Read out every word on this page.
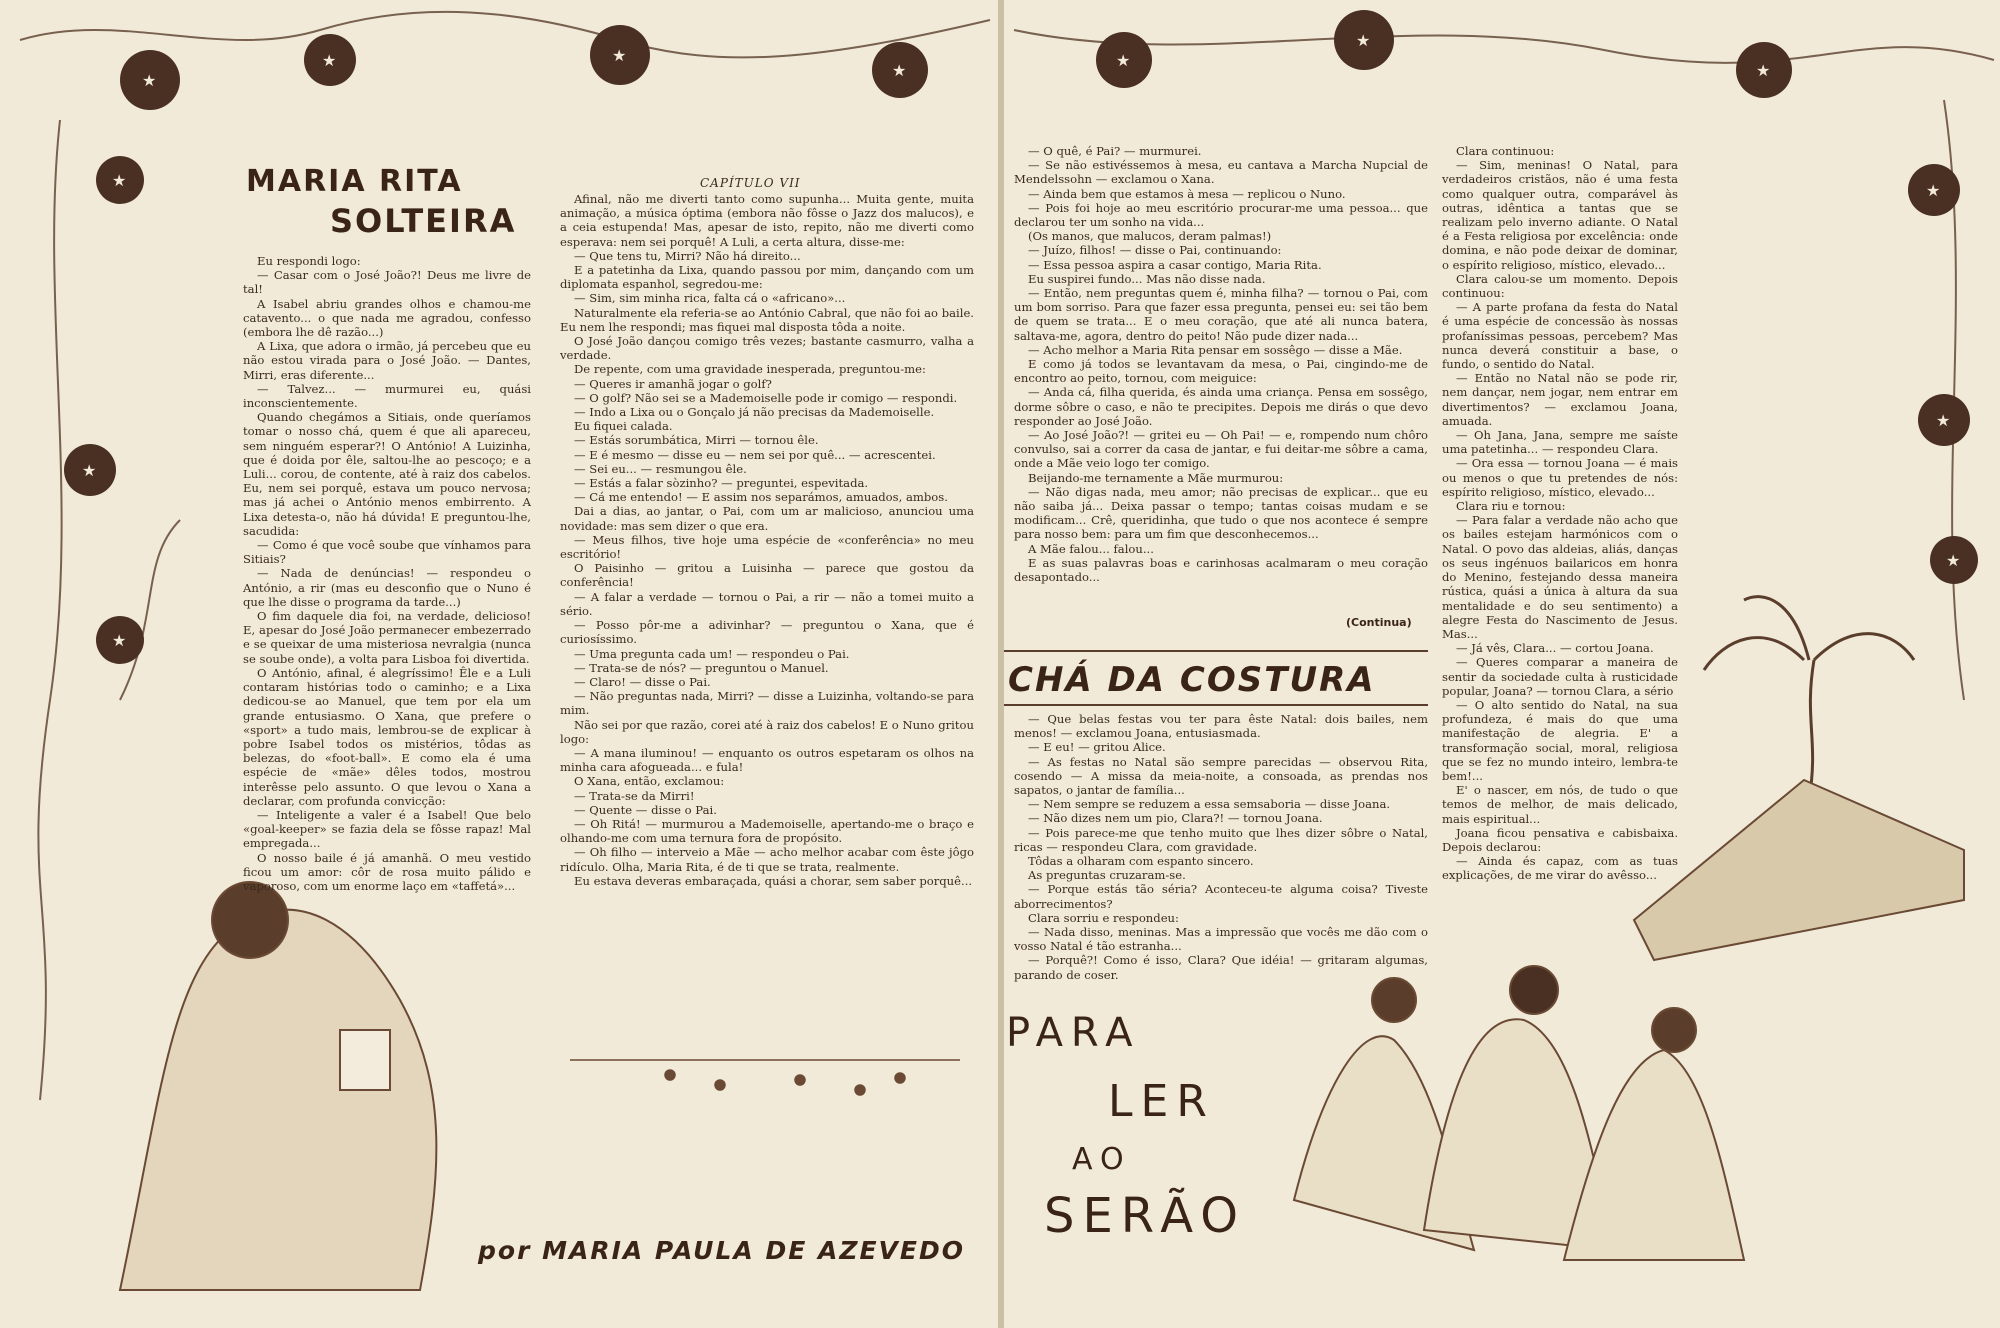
★
★	★
★
★
★
★
MARIA RITA
SOLTEIRA

Eu respondi logo:

— Casar com o José João?! Deus me livre de tal!

A Isabel abriu grandes olhos e chamou-me catavento... o que nada me agradou, confesso (embora lhe dê razão...)

A Lixa, que adora o irmão, já percebeu que eu não estou virada para o José João. — Dantes, Mirri, eras diferente...

— Talvez... — murmurei eu, quási inconscientemente.

Quando chegámos a Sitiais, onde queríamos tomar o nosso chá, quem é que ali apareceu, sem ninguém esperar?! O António! A Luizinha, que é doida por êle, saltou-lhe ao pescoço; e a Luli... corou, de contente, até à raiz dos cabelos. Eu, nem sei porquê, estava um pouco nervosa; mas já achei o António menos embirrento. A Lixa detesta-o, não há dúvida! E preguntou-lhe, sacudida:

— Como é que você soube que vínhamos para Sitiais?

— Nada de denúncias! — respondeu o António, a rir (mas eu desconfio que o Nuno é que lhe disse o programa da tarde...)

O fim daquele dia foi, na verdade, delicioso! E, apesar do José João permanecer embezerrado e se queixar de uma misteriosa nevralgia (nunca se soube onde), a volta para Lisboa foi divertida.

O António, afinal, é alegríssimo! Êle e a Luli contaram histórias todo o caminho; e a Lixa dedicou-se ao Manuel, que tem por ela um grande entusiasmo. O Xana, que prefere o «sport» a tudo mais, lembrou-se de explicar à pobre Isabel todos os mistérios, tôdas as belezas, do «foot-ball». E como ela é uma espécie de «mãe» dêles todos, mostrou interêsse pelo assunto. O que levou o Xana a declarar, com profunda convicção:

— Inteligente a valer é a Isabel! Que belo «goal-keeper» se fazia dela se fôsse rapaz! Mal empregada...

O nosso baile é já amanhã. O meu vestido ficou um amor: côr de rosa muito pálido e vaporoso, com um enorme laço em «taffetá»...

CAPÍTULO VII

Afinal, não me diverti tanto como supunha... Muita gente, muita animação, a música óptima (embora não fôsse o Jazz dos malucos), e a ceia estupenda! Mas, apesar de isto, repito, não me diverti como esperava: nem sei porquê! A Luli, a certa altura, disse-me:

— Que tens tu, Mirri? Não há direito...

E a patetinha da Lixa, quando passou por mim, dançando com um diplomata espanhol, segredou-me:

— Sim, sim minha rica, falta cá o «africano»...

Naturalmente ela referia-se ao António Cabral, que não foi ao baile. Eu nem lhe respondi; mas fiquei mal disposta tôda a noite.

O José João dançou comigo três vezes; bastante casmurro, valha a verdade.

De repente, com uma gravidade inesperada, preguntou-me:

— Queres ir amanhã jogar o golf?

— O golf? Não sei se a Mademoiselle pode ir comigo — respondi.

— Indo a Lixa ou o Gonçalo já não precisas da Mademoiselle.

Eu fiquei calada.

— Estás sorumbática, Mirri — tornou êle.

— E é mesmo — disse eu — nem sei por quê... — acrescentei.

— Sei eu... — resmungou êle.

— Estás a falar sòzinho? — preguntei, espevitada.

— Cá me entendo! — E assim nos separámos, amuados, ambos.

Dai a dias, ao jantar, o Pai, com um ar malicioso, anunciou uma novidade: mas sem dizer o que era.

— Meus filhos, tive hoje uma espécie de «conferência» no meu escritório!

O Paisinho — gritou a Luisinha — parece que gostou da conferência!

— A falar a verdade — tornou o Pai, a rir — não a tomei muito a sério.

— Posso pôr-me a adivinhar? — preguntou o Xana, que é curiosíssimo.

— Uma pregunta cada um! — respondeu o Pai.

— Trata-se de nós? — preguntou o Manuel.

— Claro! — disse o Pai.

— Não preguntas nada, Mirri? — disse a Luizinha, voltando-se para mim.

Não sei por que razão, corei até à raiz dos cabelos! E o Nuno gritou logo:

— A mana iluminou! — enquanto os outros espetaram os olhos na minha cara afogueada... e fula!

O Xana, então, exclamou:

— Trata-se da Mirri!

— Quente — disse o Pai.

— Oh Ritá! — murmurou a Mademoiselle, apertando-me o braço e olhando-me com uma ternura fora de propósito.

— Oh filho — interveio a Mãe — acho melhor acabar com êste jôgo ridículo. Olha, Maria Rita, é de ti que se trata, realmente.

Eu estava deveras embaraçada, quási a chorar, sem saber porquê...

por MARIA PAULA DE AZEVEDO
★
★
★
★
★
★

— O quê, é Pai? — murmurei.

— Se não estivéssemos à mesa, eu cantava a Marcha Nupcial de Mendelssohn — exclamou o Xana.

— Ainda bem que estamos à mesa — replicou o Nuno.

— Pois foi hoje ao meu escritório procurar-me uma pessoa... que declarou ter um sonho na vida...

(Os manos, que malucos, deram palmas!)

— Juízo, filhos! — disse o Pai, continuando:

— Essa pessoa aspira a casar contigo, Maria Rita.

Eu suspirei fundo... Mas não disse nada.

— Então, nem preguntas quem é, minha filha? — tornou o Pai, com um bom sorriso. Para que fazer essa pregunta, pensei eu: sei tão bem de quem se trata... E o meu coração, que até ali nunca batera, saltava-me, agora, dentro do peito! Não pude dizer nada...

— Acho melhor a Maria Rita pensar em sossêgo — disse a Mãe.

E como já todos se levantavam da mesa, o Pai, cingindo-me de encontro ao peito, tornou, com meiguice:

— Anda cá, filha querida, és ainda uma criança. Pensa em sossêgo, dorme sôbre o caso, e não te precipites. Depois me dirás o que devo responder ao José João.

— Ao José João?! — gritei eu — Oh Pai! — e, rompendo num chôro convulso, sai a correr da casa de jantar, e fui deitar-me sôbre a cama, onde a Mãe veio logo ter comigo.

Beijando-me ternamente a Mãe murmurou:

— Não digas nada, meu amor; não precisas de explicar... que eu não saiba já... Deixa passar o tempo; tantas coisas mudam e se modificam... Crê, queridinha, que tudo o que nos acontece é sempre para nosso bem: para um fim que desconhecemos...

A Mãe falou... falou...

E as suas palavras boas e carinhosas acalmaram o meu coração desapontado...

(Continua)
CHÁ DA COSTURA

— Que belas festas vou ter para êste Natal: dois bailes, nem menos! — exclamou Joana, entusiasmada.

— E eu! — gritou Alice.

— As festas no Natal são sempre parecidas — observou Rita, cosendo — A missa da meia-noite, a consoada, as prendas nos sapatos, o jantar de família...

— Nem sempre se reduzem a essa semsaboria — disse Joana.

— Não dizes nem um pio, Clara?! — tornou Joana.

— Pois parece-me que tenho muito que lhes dizer sôbre o Natal, ricas — respondeu Clara, com gravidade.

Tôdas a olharam com espanto sincero.

As preguntas cruzaram-se.

— Porque estás tão séria? Aconteceu-te alguma coisa? Tiveste aborrecimentos?

Clara sorriu e respondeu:

— Nada disso, meninas. Mas a impressão que vocês me dão com o vosso Natal é tão estranha...

— Porquê?! Como é isso, Clara? Que idéia! — gritaram algumas, parando de coser.

Clara continuou:

— Sim, meninas! O Natal, para verdadeiros cristãos, não é uma festa como qualquer outra, comparável às outras, idêntica a tantas que se realizam pelo inverno adiante. O Natal é a Festa religiosa por excelência: onde domina, e não pode deixar de dominar, o espírito religioso, místico, elevado...

Clara calou-se um momento. Depois continuou:

— A parte profana da festa do Natal é uma espécie de concessão às nossas profaníssimas pessoas, percebem? Mas nunca deverá constituir a base, o fundo, o sentido do Natal.

— Então no Natal não se pode rir, nem dançar, nem jogar, nem entrar em divertimentos? — exclamou Joana, amuada.

— Oh Jana, Jana, sempre me saíste uma patetinha... — respondeu Clara.

— Ora essa — tornou Joana — é mais ou menos o que tu pretendes de nós: espírito religioso, místico, elevado...

Clara riu e tornou:

— Para falar a verdade não acho que os bailes estejam harmónicos com o Natal. O povo das aldeias, aliás, danças os seus ingénuos bailaricos em honra do Menino, festejando dessa maneira rústica, quási a única à altura da sua mentalidade e do seu sentimento) a alegre Festa do Nascimento de Jesus. Mas...

— Já vês, Clara... — cortou Joana.

— Queres comparar a maneira de sentir da sociedade culta à rusticidade popular, Joana? — tornou Clara, a sério

— O alto sentido do Natal, na sua profundeza, é mais do que uma manifestação de alegria. E' a transformação social, moral, religiosa que se fez no mundo inteiro, lembra-te bem!...

E' o nascer, em nós, de tudo o que temos de melhor, de mais delicado, mais espiritual...

Joana ficou pensativa e cabisbaixa. Depois declarou:

— Ainda és capaz, com as tuas explicações, de me virar do avêsso...

PARA
LER
AO
SERÃO
